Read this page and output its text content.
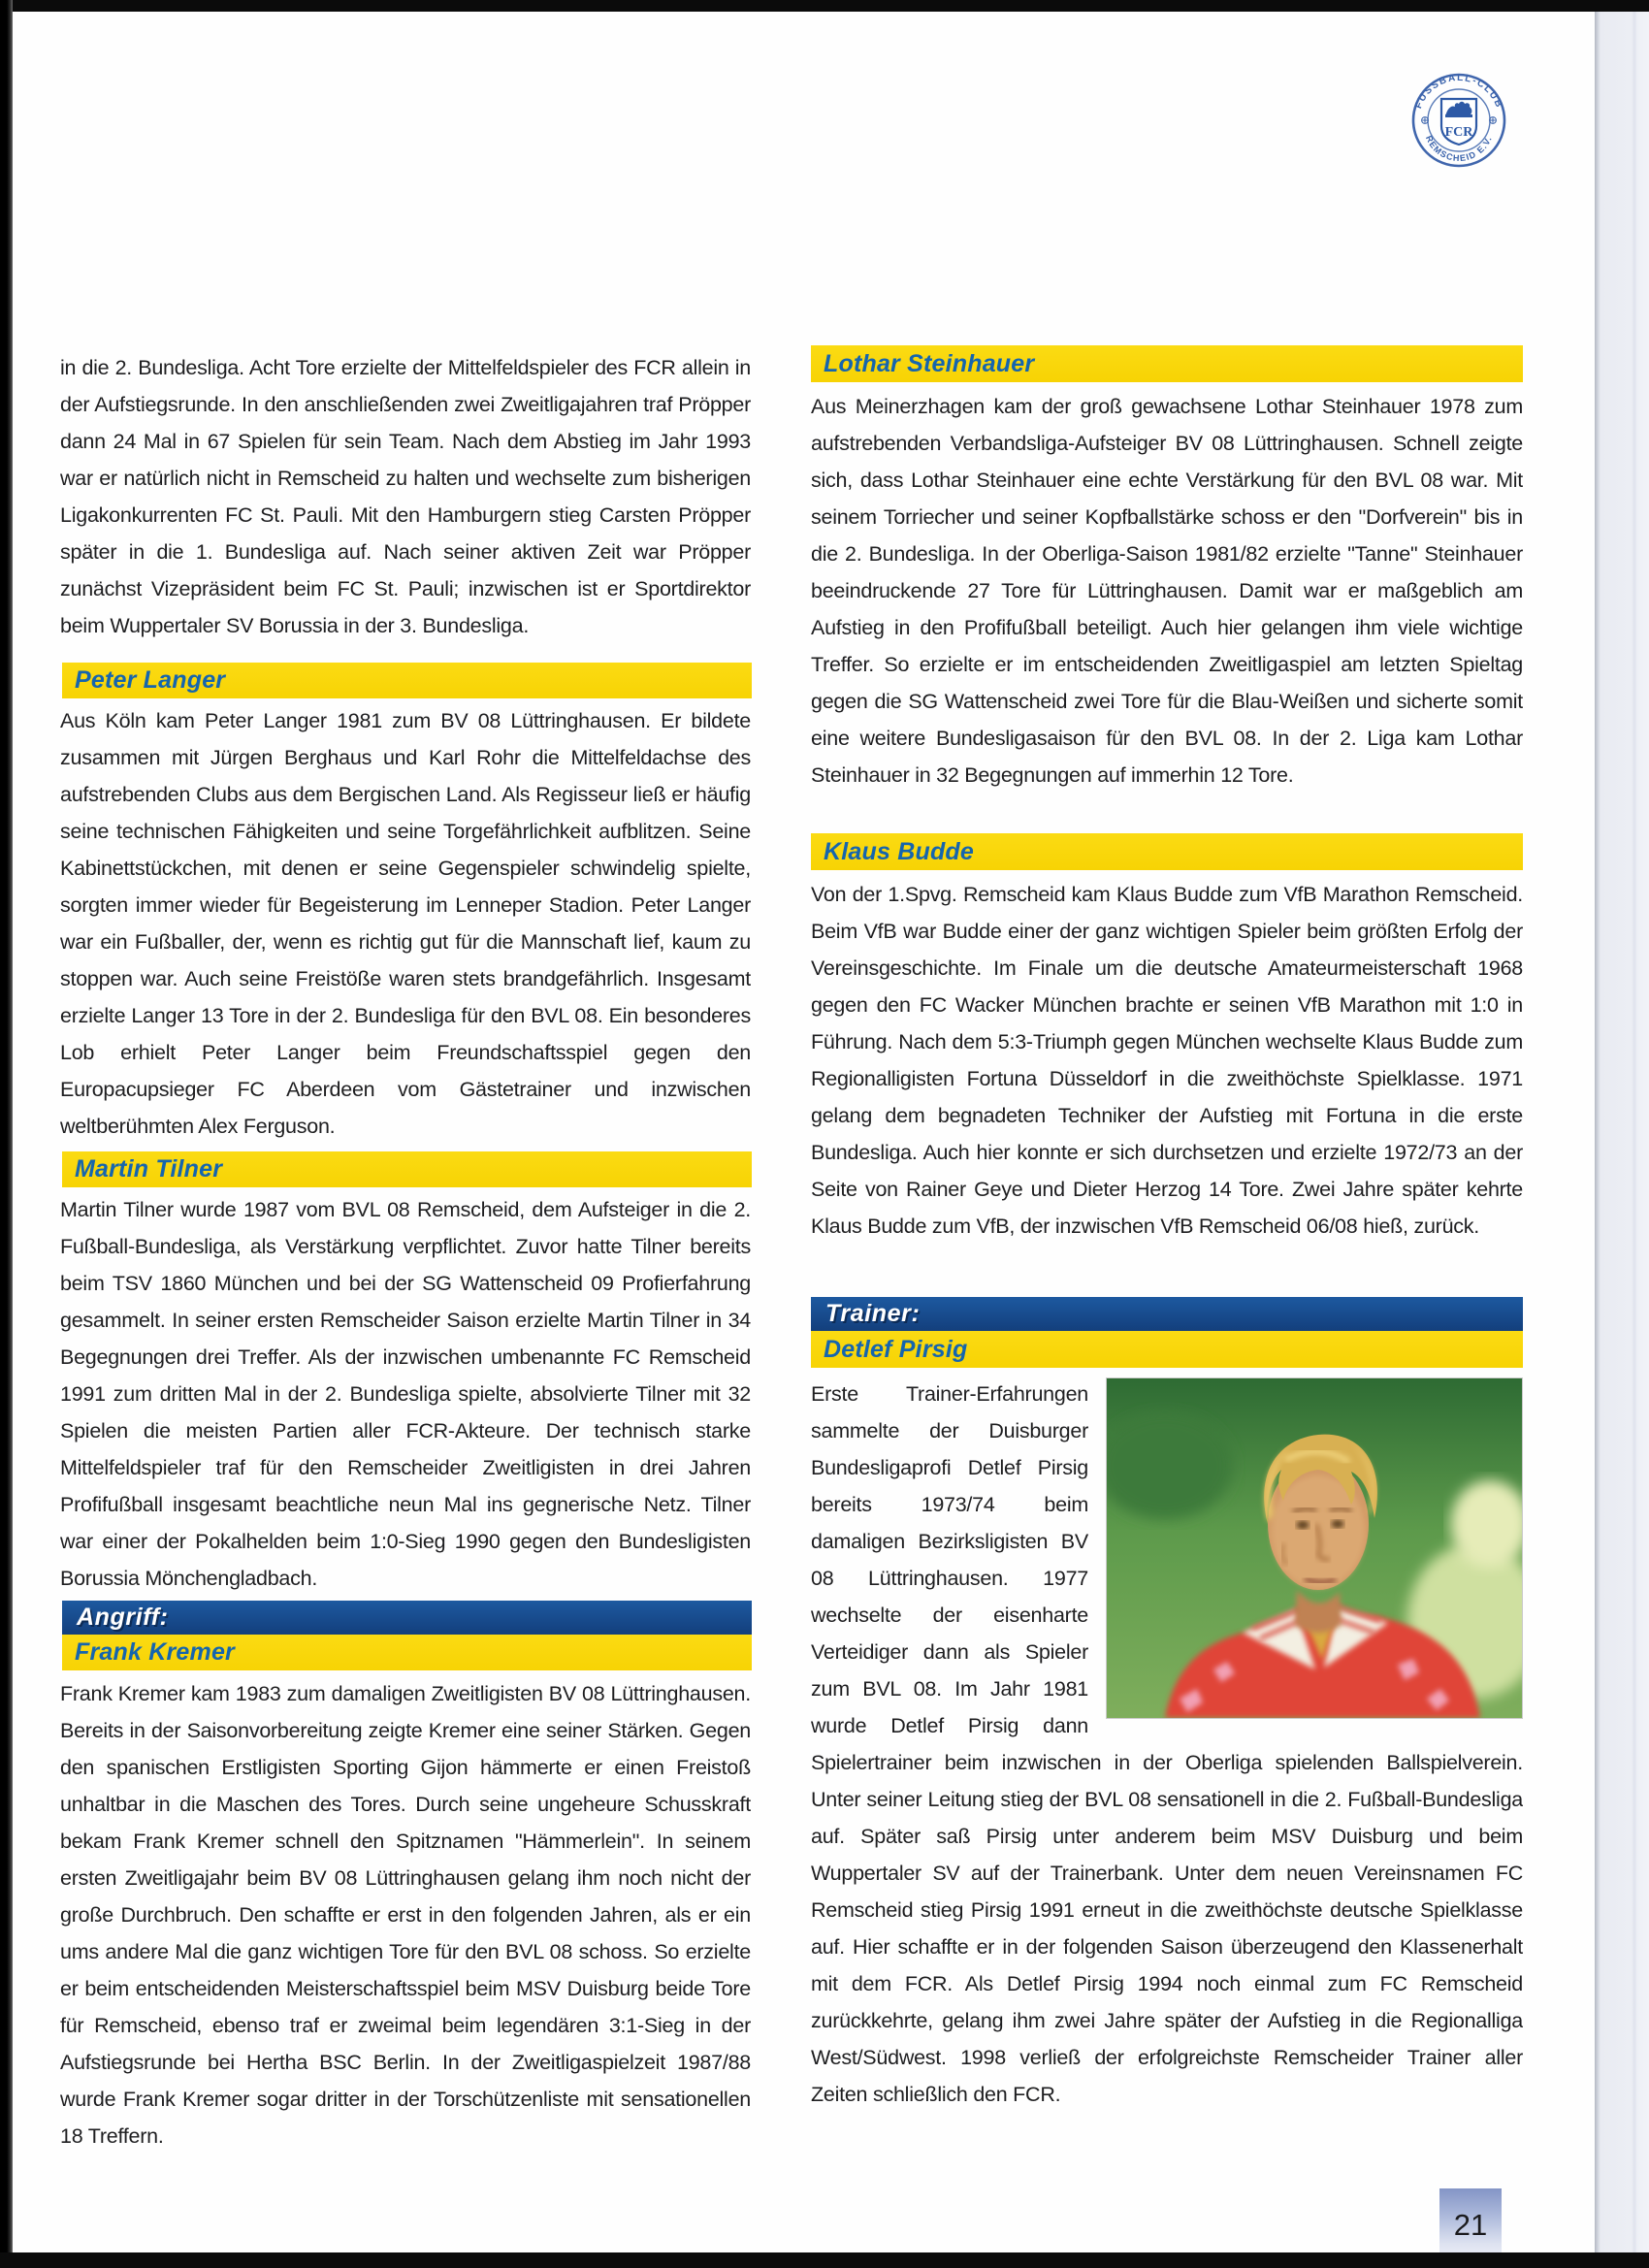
FUSSBALL-CLUB
REMSCHEID E.V.
FCR
in die 2. Bundesliga. Acht Tore erzielte der Mittelfeldspieler des FCR allein in der Aufstiegsrunde. In den anschließenden zwei Zweitligajahren traf Pröpper dann 24 Mal in 67 Spielen für sein Team. Nach dem Abstieg im Jahr 1993 war er natürlich nicht in Remscheid zu halten und wechselte zum bisherigen Ligakonkurrenten FC St. Pauli. Mit den Hamburgern stieg Carsten Pröpper später in die 1. Bundesliga auf. Nach seiner aktiven Zeit war Pröpper zunächst Vizepräsident beim FC St. Pauli; inzwischen ist er Sportdirektor beim Wuppertaler SV Borussia in der 3. Bundesliga.
Peter Langer
Aus Köln kam Peter Langer 1981 zum BV 08 Lüttringhausen. Er bildete zusammen mit Jürgen Berghaus und Karl Rohr die Mittelfeldachse des aufstrebenden Clubs aus dem Bergischen Land. Als Regisseur ließ er häufig seine technischen Fähigkeiten und seine Torgefährlichkeit aufblitzen. Seine Kabinettstückchen, mit denen er seine Gegenspieler schwindelig spielte, sorgten immer wieder für Begeisterung im Lenneper Stadion. Peter Langer war ein Fußballer, der, wenn es richtig gut für die Mannschaft lief, kaum zu stoppen war. Auch seine Freistöße waren stets brandgefährlich. Insgesamt erzielte Langer 13 Tore in der 2. Bundesliga für den BVL 08. Ein besonderes Lob erhielt Peter Langer beim Freundschaftsspiel gegen den Europacupsieger FC Aberdeen vom Gästetrainer und inzwischen weltberühmten Alex Ferguson.
Martin Tilner
Martin Tilner wurde 1987 vom BVL 08 Remscheid, dem Aufsteiger in die 2. Fußball-Bundesliga, als Verstärkung verpflichtet. Zuvor hatte Tilner bereits beim TSV 1860 München und bei der SG Wattenscheid 09 Profierfahrung gesammelt. In seiner ersten Remscheider Saison erzielte Martin Tilner in 34 Begegnungen drei Treffer. Als der inzwischen umbenannte FC Remscheid 1991 zum dritten Mal in der 2. Bundesliga spielte, absolvierte Tilner mit 32 Spielen die meisten Partien aller FCR-Akteure. Der technisch starke Mittelfeldspieler traf für den Remscheider Zweitligisten in drei Jahren Profifußball insgesamt beachtliche neun Mal ins gegnerische Netz. Tilner war einer der Pokalhelden beim 1:0-Sieg 1990 gegen den Bundesligisten Borussia Mönchengladbach.
Angriff:
Frank Kremer
Frank Kremer kam 1983 zum damaligen Zweitligisten BV 08 Lüttringhausen. Bereits in der Saisonvorbereitung zeigte Kremer eine seiner Stärken. Gegen den spanischen Erstligisten Sporting Gijon hämmerte er einen Freistoß unhaltbar in die Maschen des Tores. Durch seine ungeheure Schusskraft bekam Frank Kremer schnell den Spitznamen "Hämmerlein". In seinem ersten Zweitligajahr beim BV 08 Lüttringhausen gelang ihm noch nicht der große Durchbruch. Den schaffte er erst in den folgenden Jahren, als er ein ums andere Mal die ganz wichtigen Tore für den BVL 08 schoss. So erzielte er beim entscheidenden Meisterschaftsspiel beim MSV Duisburg beide Tore für Remscheid, ebenso traf er zweimal beim legendären 3:1-Sieg in der Aufstiegsrunde bei Hertha BSC Berlin. In der Zweitligaspielzeit 1987/88 wurde Frank Kremer sogar dritter in der Torschützenliste mit sensationellen 18 Treffern.
Lothar Steinhauer
Aus Meinerzhagen kam der groß gewachsene Lothar Steinhauer 1978 zum aufstrebenden Verbandsliga-Aufsteiger BV 08 Lüttringhausen. Schnell zeigte sich, dass Lothar Steinhauer eine echte Verstärkung für den BVL 08 war. Mit seinem Torriecher und seiner Kopfballstärke schoss er den "Dorfverein" bis in die 2. Bundesliga. In der Oberliga-Saison 1981/82 erzielte "Tanne" Steinhauer beeindruckende 27 Tore für Lüttringhausen. Damit war er maßgeblich am Aufstieg in den Profifußball beteiligt. Auch hier gelangen ihm viele wichtige Treffer. So erzielte er im entscheidenden Zweitligaspiel am letzten Spieltag gegen die SG Wattenscheid zwei Tore für die Blau-Weißen und sicherte somit eine weitere Bundesligasaison für den BVL 08. In der 2. Liga kam Lothar Steinhauer in 32 Begegnungen auf immerhin 12 Tore.
Klaus Budde
Von der 1.Spvg. Remscheid kam Klaus Budde zum VfB Marathon Remscheid. Beim VfB war Budde einer der ganz wichtigen Spieler beim größten Erfolg der Vereinsgeschichte. Im Finale um die deutsche Amateurmeisterschaft 1968 gegen den FC Wacker München brachte er seinen VfB Marathon mit 1:0 in Führung. Nach dem 5:3-Triumph gegen München wechselte Klaus Budde zum Regionalligisten Fortuna Düsseldorf in die zweithöchste Spielklasse. 1971 gelang dem begnadeten Techniker der Aufstieg mit Fortuna in die erste Bundesliga. Auch hier konnte er sich durchsetzen und erzielte 1972/73 an der Seite von Rainer Geye und Dieter Herzog 14 Tore. Zwei Jahre später kehrte Klaus Budde zum VfB, der inzwischen VfB Remscheid 06/08 hieß, zurück.
Trainer:
Detlef Pirsig
Erste Trainer-Erfahrungen sammelte der Duisburger Bundesligaprofi Detlef Pirsig bereits 1973/74 beim damaligen Bezirksligisten BV 08 Lüttringhausen. 1977 wechselte der eisenharte Verteidiger dann als Spieler zum BVL 08. Im Jahr 1981 wurde Detlef Pirsig dann Spielertrainer beim inzwischen in der Oberliga spielenden Ballspielverein. Unter seiner Leitung stieg der BVL 08 sensationell in die 2. Fußball-Bundesliga auf. Später saß Pirsig unter anderem beim MSV Duisburg und beim Wuppertaler SV auf der Trainerbank. Unter dem neuen Vereinsnamen FC Remscheid stieg Pirsig 1991 erneut in die zweithöchste deutsche Spielklasse auf. Hier schaffte er in der folgenden Saison überzeugend den Klassenerhalt mit dem FCR. Als Detlef Pirsig 1994 noch einmal zum FC Remscheid zurückkehrte, gelang ihm zwei Jahre später der Aufstieg in die Regionalliga West/Südwest. 1998 verließ der erfolgreichste Remscheider Trainer aller Zeiten schließlich den FCR.
21
